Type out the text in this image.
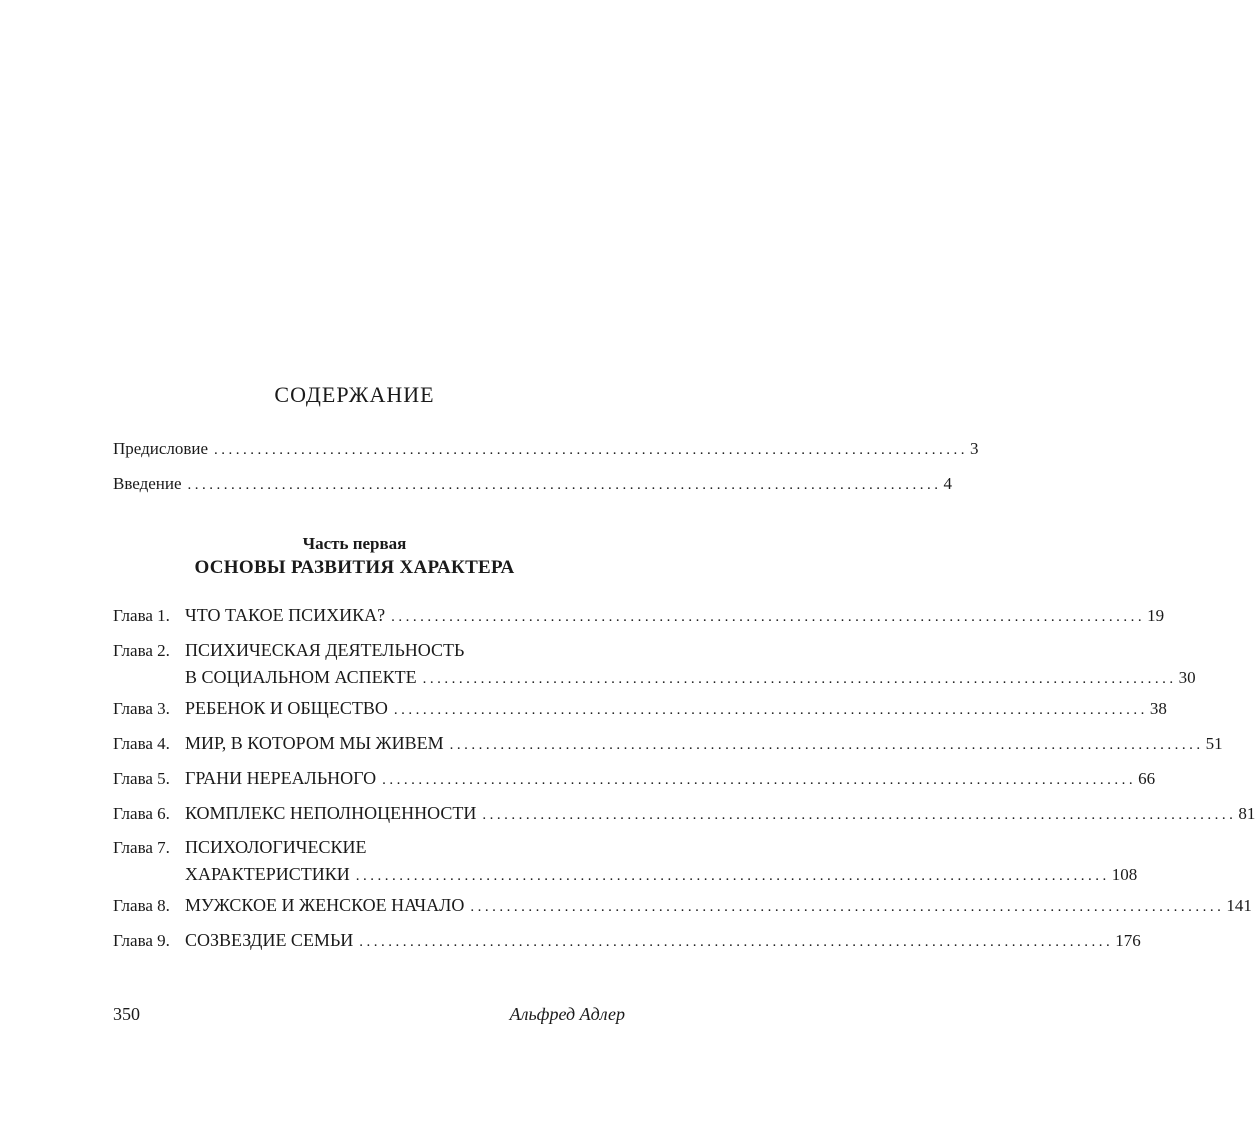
СОДЕРЖАНИЕ
Предисловие ........................................................................................................ 3
Введение ........................................................................................................ 4
Часть первая
ОСНОВЫ РАЗВИТИЯ ХАРАКТЕРА
Глава 1. ЧТО ТАКОЕ ПСИХИКА? ........................................................................................................ 19
Глава 2. ПСИХИЧЕСКАЯ ДЕЯТЕЛЬНОСТЬ
В СОЦИАЛЬНОМ АСПЕКТЕ ........................................................................................................ 30
Глава 3. РЕБЕНОК И ОБЩЕСТВО ........................................................................................................ 38
Глава 4. МИР, В КОТОРОМ МЫ ЖИВЕМ ........................................................................................................ 51
Глава 5. ГРАНИ НЕРЕАЛЬНОГО ........................................................................................................ 66
Глава 6. КОМПЛЕКС НЕПОЛНОЦЕННОСТИ ........................................................................................................ 81
Глава 7. ПСИХОЛОГИЧЕСКИЕ
ХАРАКТЕРИСТИКИ ........................................................................................................ 108
Глава 8. МУЖСКОЕ И ЖЕНСКОЕ НАЧАЛО ........................................................................................................ 141
Глава 9. СОЗВЕЗДИЕ СЕМЬИ ........................................................................................................ 176
350	Альфред Адлер
